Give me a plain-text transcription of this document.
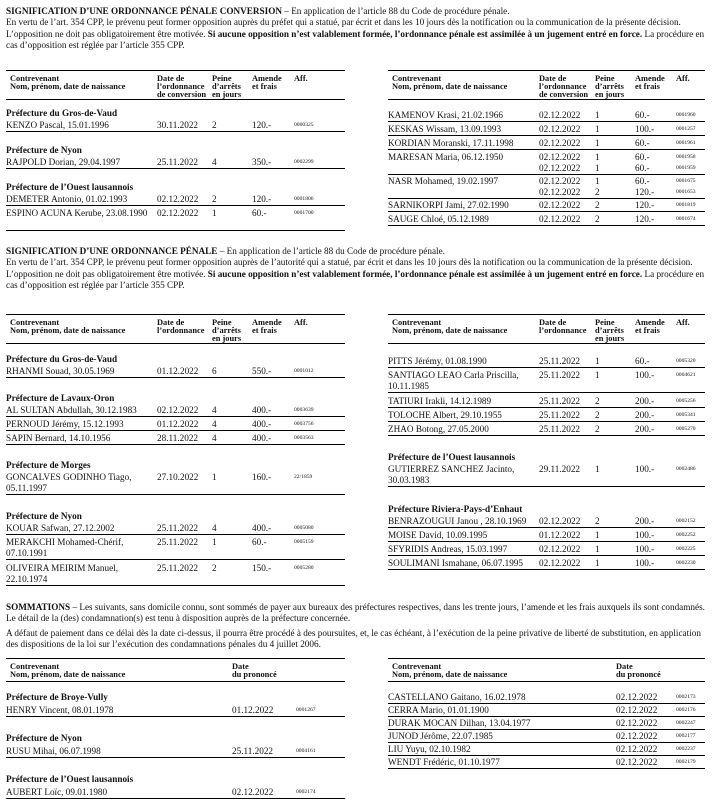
SIGNIFICATION D’UNE ORDONNANCE PÉNALE CONVERSION – En application de l’article 88 du Code de procédure pénale.

En vertu de l’art. 354 CPP, le prévenu peut former opposition auprès du préfet qui a statué, par écrit et dans les 10 jours dès la notification ou la communication de la présente décision. L’opposition ne doit pas obligatoirement être motivée. Si aucune opposition n’est valablement formée, l’ordonnance pénale est assimilée à un jugement entré en force. La procédure en cas d’opposition est réglée par l’article 355 CPP.

Contrevenant
Nom, prénom, date de naissance
Date de
l’ordonnance
de conversion
Peine
d’arrêts
en jours
Amende
et frais
Aff.
Préfecture du Gros-de-Vaud
KENZO Pascal, 15.01.1996	30.11.2022 2	120.-	0000325
Préfecture de Nyon
RAJPOLD Dorian, 29.04.1997	25.11.2022 4	350.-	0002299
Préfecture de l’Ouest lausannois
DEMETER Antonio, 01.02.1993	02.12.2022 2	120.-	0001806
ESPINO ACUNA Kerube, 23.08.1990	02.12.2022 1	60.-	0001700
Contrevenant
Nom, prénom, date de naissance
Date de
l’ordonnance
de conversion
Peine
d’arrêts
en jours
Amende
et frais
Aff.
KAMENOV Krasi, 21.02.1966	02.12.2022 1	60.-	0001960
KESKAS Wissam, 13.09.1993	02.12.2022 1	100.-	0001257
KORDIAN Moranski, 17.11.1998	02.12.2022 1	60.-	0001961
MARESAN Maria, 06.12.1950	02.12.2022 1	60.-	0001958
02.12.2022 1	60.-	0001959
NASR Mohamed, 19.02.1997	02.12.2022 1	60.-	0001675
02.12.2022 2	120.-	0001653
SARNIKORPI Jami, 27.02.1990	02.12.2022 2	120.-	0001819
SAUGE Chloé, 05.12.1989	02.12.2022 2	120.-	0001674

SIGNIFICATION D’UNE ORDONNANCE PÉNALE – En application de l’article 88 du Code de procédure pénale.

En vertu de l’art. 354 CPP, le prévenu peut former opposition auprès de l’autorité qui a statué, par écrit et dans les 10 jours dès la notification ou la communication de la présente décision. L’opposition ne doit pas obligatoirement être motivée. Si aucune opposition n’est valablement formée, l’ordonnance pénale est assimilée à un jugement entré en force. La procédure en cas d’opposition est réglée par l’article 355 CPP.

Contrevenant
Nom, prénom, date de naissance
Date de
l’ordonnance
Peine
d’arrêts
en jours
Amende
et frais
Aff.
Préfecture du Gros-de-Vaud
RHANMI Souad, 30.05.1969	01.12.2022 6	550.-	0001012
Préfecture de Lavaux-Oron
AL SULTAN Abdullah, 30.12.1983	02.12.2022 4	400.-	0003639
PERNOUD Jérémy, 15.12.1993	01.12.2022 4	400.-	0003756
SAPIN Bernard, 14.10.1956	28.11.2022 4	400.-	0003563
Préfecture de Morges
GONCALVES GODINHO Tiago, 05.11.1997
27.10.2022 1	160.-	22/1859
Préfecture de Nyon
KOUAR Safwan, 27.12.2002	25.11.2022 4	400.-	0005080
MERAKCHI Mohamed-Chérif, 07.10.1991
25.11.2022 1	60.-	0005159
OLIVEIRA MEIRIM Manuel, 22.10.1974
25.11.2022 2	150.-	0005280
Contrevenant
Nom, prénom, date de naissance
Date de
l’ordonnance
Peine
d’arrêts
en jours
Amende
et frais
Aff.
PITTS Jérémy, 01.08.1990	25.11.2022 1	60.-	0005320
SANTIAGO LEAO Carla Priscilla, 10.11.1985
25.11.2022 1	100.-	0004621
TATIURI Irakli, 14.12.1989	25.11.2022 2	200.-	0005256
TOLOCHE Albert, 29.10.1955	25.11.2022 2	200.-	0005341
ZHAO Botong, 27.05.2000	25.11.2022 2	200.-	0005270
Préfecture de l’Ouest lausannois
GUTIERREZ SANCHEZ Jacinto, 30.03.1983
29.11.2022 1	100.-	0002486
Préfecture Riviera-Pays-d’Enhaut
BENRAZOUGUI Janou , 28.10.1969	02.12.2022 2	200.-	0002152
MOISE David, 10.09.1995	01.12.2022 1	100.-	0002252
SFYRIDIS Andreas, 15.03.1997	02.12.2022 1	100.-	0002225
SOULIMANI Ismahane, 06.07.1995	02.12.2022 1	100.-	0002230

SOMMATIONS – Les suivants, sans domicile connu, sont sommés de payer aux bureaux des préfectures respectives, dans les trente jours, l’amende et les frais auxquels ils sont condamnés. Le détail de la (des) condamnation(s) est tenu à disposition auprès de la préfecture concernée.

A défaut de paiement dans ce délai dès la date ci-dessus, il pourra être procédé à des poursuites, et, le cas échéant, à l’exécution de la peine privative de liberté de substitution, en application des dispositions de la loi sur l’exécution des condamnations pénales du 4 juillet 2006.

Contrevenant
Nom, prénom, date de naissance
Date
du prononcé
Préfecture de Broye-Vully
HENRY Vincent, 08.01.1978	01.12.2022	0001267
Préfecture de Nyon
RUSU Mihai, 06.07.1998	25.11.2022	0004161
Préfecture de l’Ouest lausannois
AUBERT Loïc, 09.01.1980	02.12.2022	0002174
Contrevenant
Nom, prénom, date de naissance
Date
du prononcé
CASTELLANO Gaitano, 16.02.1978	02.12.2022	0002173
CERRA Mario, 01.01.1900	02.12.2022	0002176
DURAK MOCAN Dilhan, 13.04.1977	02.12.2022	0002247
JUNOD Jérôme, 22.07.1985	02.12.2022	0002177
LIU Yuyu, 02.10.1982	02.12.2022	0002237
WENDT Frédéric, 01.10.1977	02.12.2022	0002179
